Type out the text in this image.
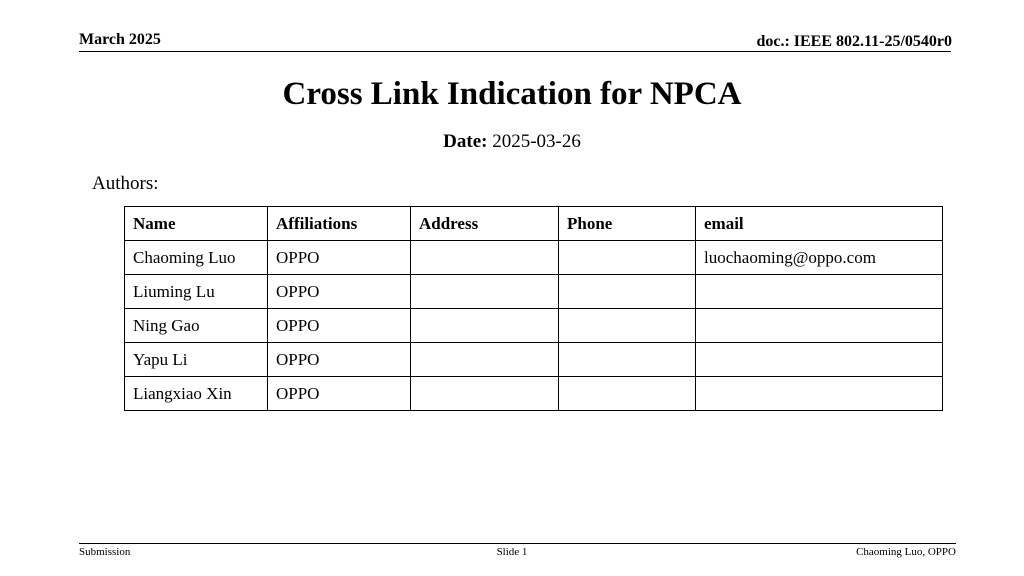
March 2025	doc.: IEEE 802.11-25/0540r0
Cross Link Indication for NPCA
Date: 2025-03-26
Authors:
Name	Affiliations	Address	Phone	email
Chaoming Luo	OPPO			luochaoming@oppo.com
Liuming Lu	OPPO			
Ning Gao	OPPO			
Yapu Li	OPPO			
Liangxiao Xin	OPPO			
Submission	Slide 1	Chaoming Luo, OPPO
